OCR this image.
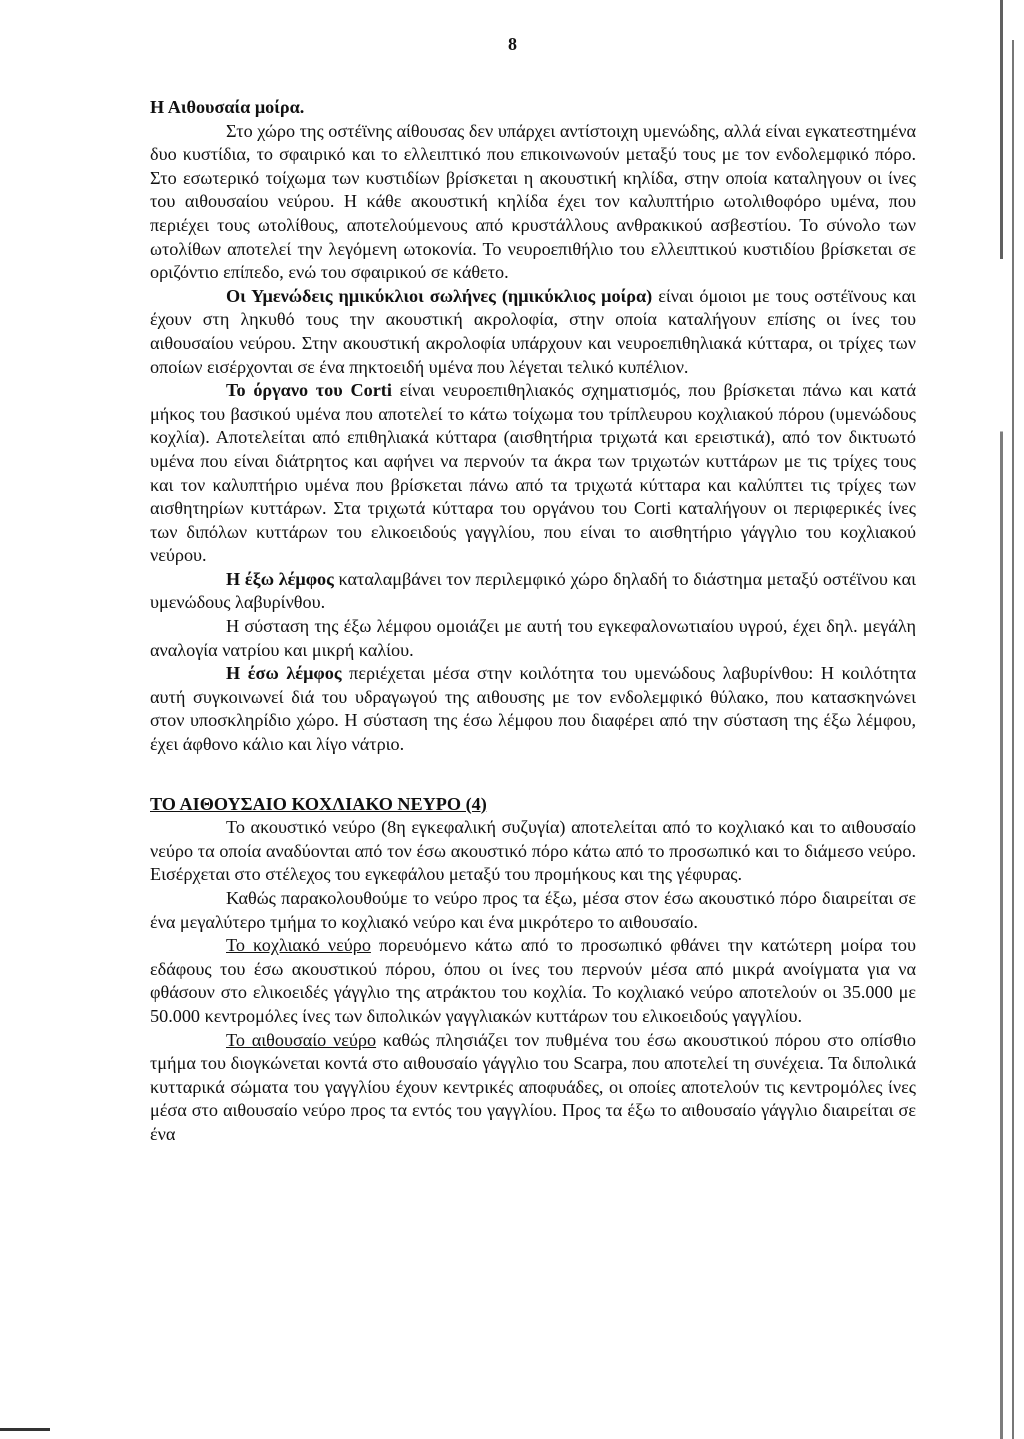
8

Η Αιθουσαία μοίρα.

Στο χώρο της οστέϊνης αίθουσας δεν υπάρχει αντίστοιχη υμενώδης, αλλά είναι εγκατεστημένα δυο κυστίδια, το σφαιρικό και το ελλειπτικό που επικοινωνούν μεταξύ τους με τον ενδολεμφικό πόρο. Στο εσωτερικό τοίχωμα των κυστιδίων βρίσκεται η ακουστική κηλίδα, στην οποία καταληγουν οι ίνες του αιθουσαίου νεύρου. Η κάθε ακουστική κηλίδα έχει τον καλυπτήριο ωτολιθοφόρο υμένα, που περιέχει τους ωτολίθους, αποτελούμενους από κρυστάλλους ανθρακικού ασβεστίου. Το σύνολο των ωτολίθων αποτελεί την λεγόμενη ωτοκονία. Το νευροεπιθήλιο του ελλειπτικού κυστιδίου βρίσκεται σε οριζόντιο επίπεδο, ενώ του σφαιρικού σε κάθετο.

Οι Υμενώδεις ημικύκλιοι σωλήνες (ημικύκλιος μοίρα) είναι όμοιοι με τους οστέϊνους και έχουν στη ληκυθό τους την ακουστική ακρολοφία, στην οποία καταλήγουν επίσης οι ίνες του αιθουσαίου νεύρου. Στην ακουστική ακρολοφία υπάρχουν και νευροεπιθηλιακά κύτταρα, οι τρίχες των οποίων εισέρχονται σε ένα πηκτοειδή υμένα που λέγεται τελικό κυπέλιον.

Το όργανο του Corti είναι νευροεπιθηλιακός σχηματισμός, που βρίσκεται πάνω και κατά μήκος του βασικού υμένα που αποτελεί το κάτω τοίχωμα του τρίπλευρου κοχλιακού πόρου (υμενώδους κοχλία). Αποτελείται από επιθηλιακά κύτταρα (αισθητήρια τριχωτά και ερειστικά), από τον δικτυωτό υμένα που είναι διάτρητος και αφήνει να περνούν τα άκρα των τριχωτών κυττάρων με τις τρίχες τους και τον καλυπτήριο υμένα που βρίσκεται πάνω από τα τριχωτά κύτταρα και καλύπτει τις τρίχες των αισθητηρίων κυττάρων. Στα τριχωτά κύτταρα του οργάνου του Corti καταλήγουν οι περιφερικές ίνες των διπόλων κυττάρων του ελικοειδούς γαγγλίου, που είναι το αισθητήριο γάγγλιο του κοχλιακού νεύρου.

Η έξω λέμφος καταλαμβάνει τον περιλεμφικό χώρο δηλαδή το διάστημα μεταξύ οστέϊνου και υμενώδους λαβυρίνθου.

Η σύσταση της έξω λέμφου ομοιάζει με αυτή του εγκεφαλονωτιαίου υγρού, έχει δηλ. μεγάλη αναλογία νατρίου και μικρή καλίου.

Η έσω λέμφος περιέχεται μέσα στην κοιλότητα του υμενώδους λαβυρίνθου: Η κοιλότητα αυτή συγκοινωνεί διά του υδραγωγού της αιθουσης με τον ενδολεμφικό θύλακο, που κατασκηνώνει στον υποσκληρίδιο χώρο. Η σύσταση της έσω λέμφου που διαφέρει από την σύσταση της έξω λέμφου, έχει άφθονο κάλιο και λίγο νάτριο.

ΤΟ ΑΙΘΟΥΣΑΙΟ ΚΟΧΛΙΑΚΟ ΝΕΥΡΟ (4)

Το ακουστικό νεύρο (8η εγκεφαλική συζυγία) αποτελείται από το κοχλιακό και το αιθουσαίο νεύρο τα οποία αναδύονται από τον έσω ακουστικό πόρο κάτω από το προσωπικό και το διάμεσο νεύρο. Εισέρχεται στο στέλεχος του εγκεφάλου μεταξύ του προμήκους και της γέφυρας.

Καθώς παρακολουθούμε το νεύρο προς τα έξω, μέσα στον έσω ακουστικό πόρο διαιρείται σε ένα μεγαλύτερο τμήμα το κοχλιακό νεύρο και ένα μικρότερο το αιθουσαίο.

Το κοχλιακό νεύρο πορευόμενο κάτω από το προσωπικό φθάνει την κατώτερη μοίρα του εδάφους του έσω ακουστικού πόρου, όπου οι ίνες του περνούν μέσα από μικρά ανοίγματα για να φθάσουν στο ελικοειδές γάγγλιο της ατράκτου του κοχλία. Το κοχλιακό νεύρο αποτελούν οι 35.000 με 50.000 κεντρομόλες ίνες των διπολικών γαγγλιακών κυττάρων του ελικοειδούς γαγγλίου.

Το αιθουσαίο νεύρο καθώς πλησιάζει τον πυθμένα του έσω ακουστικού πόρου στο οπίσθιο τμήμα του διογκώνεται κοντά στο αιθουσαίο γάγγλιο του Scarpa, που αποτελεί τη συνέχεια. Τα διπολικά κυτταρικά σώματα του γαγγλίου έχουν κεντρικές αποφυάδες, οι οποίες αποτελούν τις κεντρομόλες ίνες μέσα στο αιθουσαίο νεύρο προς τα εντός του γαγγλίου. Προς τα έξω το αιθουσαίο γάγγλιο διαιρείται σε ένα
